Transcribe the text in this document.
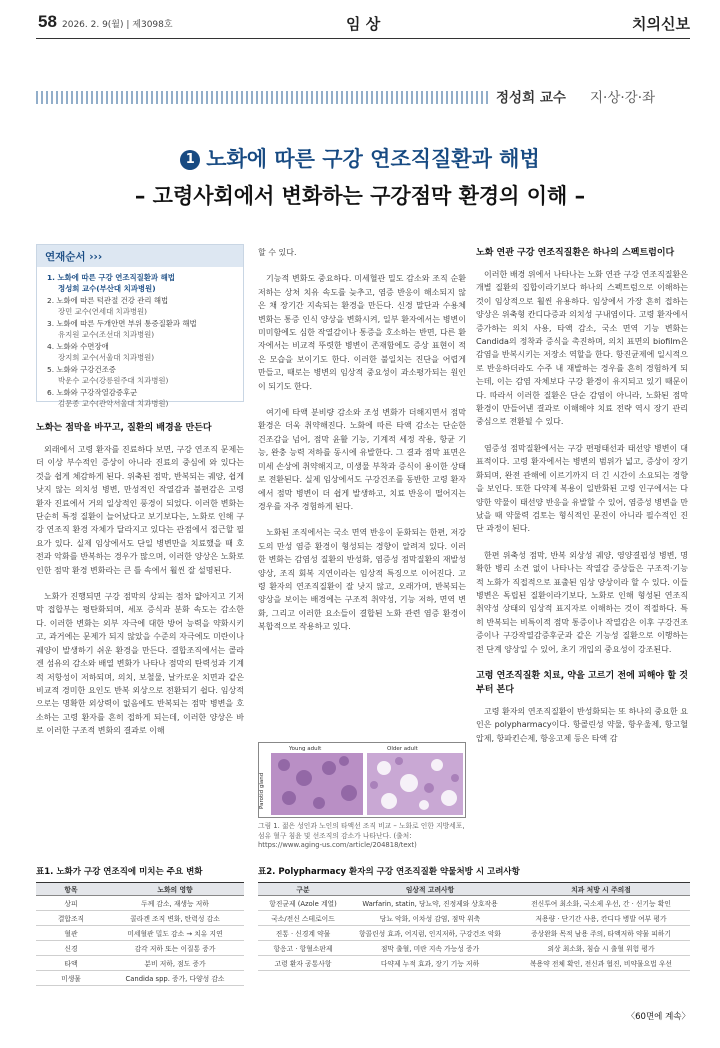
58 2026. 2. 9(월) | 제3098호	임 상	치의신보
정성희 교수 지·상·강·좌
1 노화에 따른 구강 연조직질환과 해법
– 고령사회에서 변화하는 구강점막 환경의 이해 –
연재순서 ›››
1. 노화에 따른 구강 연조직질환과 해법
정성희 교수(부산대 치과병원)
2. 노화에 따른 턱관절 건강 관리 해법
장민 교수(연세대 치과병원)
3. 노화에 따른 두개안면 부위 통증질환과 해법
유지원 교수(조선대 치과병원)
4. 노화와 수면장애
장지희 교수(서울대 치과병원)
5. 노화와 구강건조증
박운수 교수(강릉원주대 치과병원)
6. 노화와 구강작열감증후군
김문종 교수(관악서울대 치과병원)
노화는 점막을 바꾸고, 질환의 배경을 만든다

외래에서 고령 환자를 진료하다 보면, 구강 연조직 문제는 더 이상 부수적인 증상이 아니라 진료의 중심에 와 있다는 것을 쉽게 체감하게 된다. 위축된 점막, 반복되는 궤양, 쉽게 낫지 않는 의치성 병변, 만성적인 작열감과 불편감은 고령 환자 진료에서 거의 일상적인 풍경이 되었다. 이러한 변화는 단순히 특정 질환이 늘어났다고 보기보다는, 노화로 인해 구강 연조직 환경 자체가 달라지고 있다는 관점에서 접근할 필요가 있다. 실제 임상에서도 단일 병변만을 치료했을 때 호전과 악화를 반복하는 경우가 많으며, 이러한 양상은 노화로 인한 점막 환경 변화라는 큰 틀 속에서 훨씬 잘 설명된다.

노화가 진행되면 구강 점막의 상피는 점차 얇아지고 기저막 접합부는 평탄화되며, 세포 증식과 분화 속도는 감소한다. 이러한 변화는 외부 자극에 대한 방어 능력을 약화시키고, 과거에는 문제가 되지 않았을 수준의 자극에도 미란이나 궤양이 발생하기 쉬운 환경을 만든다. 결합조직에서는 콜라겐 섬유의 감소와 배열 변화가 나타나 점막의 탄력성과 기계적 저항성이 저하되며, 의치, 보철물, 날카로운 치면과 같은 비교적 경미한 요인도 반복 외상으로 전환되기 쉽다. 임상적으로는 명확한 외상력이 없음에도 반복되는 점막 병변을 호소하는 고령 환자를 흔히 접하게 되는데, 이러한 양상은 바로 이러한 구조적 변화의 결과로 이해

할 수 있다.

기능적 변화도 중요하다. 미세혈관 밀도 감소와 조직 순환 저하는 상처 치유 속도를 늦추고, 염증 반응이 해소되지 않은 채 장기간 지속되는 환경을 만든다. 신경 말단과 수용체 변화는 통증 인식 양상을 변화시켜, 일부 환자에서는 병변이 미미함에도 심한 작열감이나 통증을 호소하는 반면, 다른 환자에서는 비교적 뚜렷한 병변이 존재함에도 증상 표현이 적은 모습을 보이기도 한다. 이러한 불일치는 진단을 어렵게 만들고, 때로는 병변의 임상적 중요성이 과소평가되는 원인이 되기도 한다.

여기에 타액 분비량 감소와 조성 변화가 더해지면서 점막 환경은 더욱 취약해진다. 노화에 따른 타액 감소는 단순한 건조감을 넘어, 점막 윤활 기능, 기계적 세정 작용, 항균 기능, 완충 능력 저하를 동시에 유발한다. 그 결과 점막 표면은 미세 손상에 취약해지고, 미생물 부착과 증식이 용이한 상태로 전환된다. 실제 임상에서도 구강건조를 동반한 고령 환자에서 점막 병변이 더 쉽게 발생하고, 치료 반응이 떨어지는 경우를 자주 경험하게 된다.

노화된 조직에서는 국소 면역 반응이 둔화되는 한편, 저강도의 만성 염증 환경이 형성되는 경향이 알려져 있다. 이러한 변화는 감염성 질환의 반성화, 염증성 점막질환의 재발성 양상, 조직 회복 지연이라는 임상적 특징으로 이어진다. 고령 환자의 연조직질환이 잘 낫지 않고, 오래가며, 반복되는 양상을 보이는 배경에는 구조적 취약성, 기능 저하, 면역 변화, 그리고 이러한 요소들이 결합된 노화 관련 염증 환경이 복합적으로 작용하고 있다.

Parotid gland
Young adult	Older adult
그림 1. 젊은 성인과 노인의 타액선 조직 비교 – 노화로 인한 지방세포, 섬유 혈구 침윤 및 선조직의 감소가 나타난다. (출처: https://www.aging-us.com/article/204818/text)
노화 연관 구강 연조직질환은 하나의 스펙트럼이다

이러한 배경 위에서 나타나는 노화 연관 구강 연조직질환은 개별 질환의 집합이라기보다 하나의 스펙트럼으로 이해하는 것이 임상적으로 훨씬 유용하다. 임상에서 가장 흔히 접하는 양상은 위축형 칸디다증과 의치성 구내염이다. 고령 환자에서 증가하는 의치 사용, 타액 감소, 국소 면역 기능 변화는 Candida의 정착과 증식을 촉진하며, 의치 표면의 biofilm은 감염을 반복시키는 저장소 역할을 한다. 항진균제에 일시적으로 반응하더라도 수주 내 재발하는 경우를 흔히 경험하게 되는데, 이는 감염 자체보다 구강 환경이 유지되고 있기 때문이다. 따라서 이러한 질환은 단순 감염이 아니라, 노화된 점막 환경이 만들어낸 결과로 이해해야 치료 전략 역시 장기 관리 중심으로 전환될 수 있다.

염증성 점막질환에서는 구강 편평태선과 태선양 병변이 대표적이다. 고령 환자에서는 병변의 범위가 넓고, 증상이 장기화되며, 완전 관해에 이르기까지 더 긴 시간이 소요되는 경향을 보인다. 또한 다약제 복용이 일반화된 고령 인구에서는 다양한 약물이 태선양 반응을 유발할 수 있어, 염증성 병변을 만났을 때 약물력 검토는 형식적인 문진이 아니라 필수적인 진단 과정이 된다.

한편 위축성 점막, 반복 외상성 궤양, 영양결핍성 병변, 명확한 병리 소견 없이 나타나는 작열감 증상들은 구조적·기능적 노화가 직접적으로 표출된 임상 양상이라 할 수 있다. 이들 병변은 독립된 질환이라기보다, 노화로 인해 형성된 연조직 취약성 상태의 임상적 표지자로 이해하는 것이 적절하다. 특히 반복되는 비특이적 점막 통증이나 작열감은 이후 구강건조증이나 구강작열감증후군과 같은 기능성 질환으로 이행하는 전 단계 양상일 수 있어, 초기 개입의 중요성이 강조된다.

고령 연조직질환 치료, 약을 고르기 전에 피해야 할 것부터 본다

고령 환자의 연조직질환이 반성화되는 또 하나의 중요한 요인은 polypharmacy이다. 항콜린성 약물, 항우울제, 항고혈압제, 항파킨슨제, 항응고제 등은 타액 감

표1. 노화가 구강 연조직에 미치는 주요 변화
항목	노화의 영향
상피	두께 감소, 재생능 저하
결합조직	콜라겐 조직 변화, 탄력성 감소
혈관	미세혈관 밀도 감소 → 치유 지연
신경	감각 저하 또는 이질통 증가
타액	분비 저하, 점도 증가
미생물	Candida spp. 증가, 다양성 감소
표2. Polypharmacy 환자의 구강 연조직질환 약물처방 시 고려사항
구분	임상적 고려사항	치과 처방 시 주의점
항진균제 (Azole 계열)	Warfarin, statin, 당뇨약, 진정제와 상호작용	전신투여 최소화, 국소제 우선, 간 · 신기능 확인
국소/전신 스테로이드	당뇨 악화, 이차성 감염, 점막 위축	저용량 · 단기간 사용, 칸디다 병발 여부 평가
진통 · 신경계 약물	항콜린성 효과, 어지럼, 인지저하, 구강건조 악화	증상완화 목적 남용 주의, 타액저하 약물 피하기
항응고 · 항혈소판제	점막 출혈, 미란 지속 가능성 증가	외상 최소화, 침습 시 출혈 위험 평가
고령 환자 공통사항	다약제 누적 효과, 장기 기능 저하	복용약 전체 확인, 전신과 협진, 비약물요법 우선
〈60면에 계속〉
